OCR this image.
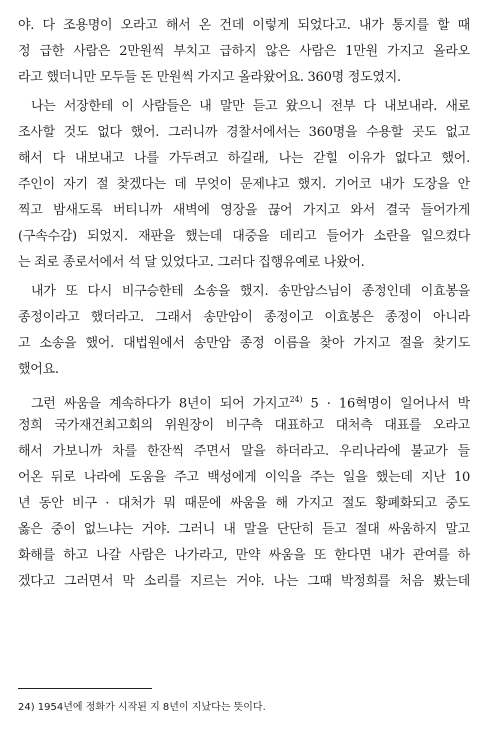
야. 다 조용명이 오라고 해서 온 건데 이렇게 되었다고. 내가 통지를 할 때
정 급한 사람은 2만원씩 부치고 급하지 않은 사람은 1만원 가지고 올라오
라고 했더니만 모두들 돈 만원씩 가지고 올라왔어요. 360명 정도였지.
나는 서장한테 이 사람들은 내 말만 듣고 왔으니 전부 다 내보내라. 새로
조사할 것도 없다 했어. 그러니까 경찰서에서는 360명을 수용할 곳도 없고
해서 다 내보내고 나를 가두려고 하길래, 나는 갇힐 이유가 없다고 했어.
주인이 자기 절 찾겠다는 데 무엇이 문제냐고 했지. 기어코 내가 도장을 안
찍고 밤새도록 버티니까 새벽에 영장을 끊어 가지고 와서 결국 들어가게
(구속수감) 되었지. 재판을 했는데 대중을 데리고 들어가 소란을 일으켰다
는 죄로 종로서에서 석 달 있었다고. 그러다 집행유예로 나왔어.
내가 또 다시 비구승한테 소송을 했지. 송만암스님이 종정인데 이효봉을
종정이라고 했더라고. 그래서 송만암이 종정이고 이효봉은 종정이 아니라
고 소송을 했어. 대법원에서 송만암 종정 이름을 찾아 가지고 절을 찾기도
했어요.
그런 싸움을 계속하다가 8년이 되어 가지고$^{24)}$ 5 · 16혁명이 일어나서 박
정희 국가재건최고회의 위원장이 비구측 대표하고 대처측 대표를 오라고
해서 가보니까 차를 한잔씩 주면서 말을 하더라고. 우리나라에 불교가 들
어온 뒤로 나라에 도움을 주고 백성에게 이익을 주는 일을 했는데 지난 10
년 동안 비구 · 대처가 뭐 때문에 싸움을 해 가지고 절도 황폐화되고 중도
옳은 중이 없느냐는 거야. 그러니 내 말을 단단히 듣고 절대 싸움하지 말고
화해를 하고 나갈 사람은 나가라고, 만약 싸움을 또 한다면 내가 관여를 하
겠다고 그러면서 막 소리를 지르는 거야. 나는 그때 박정희를 처음 봤는데
24) 1954년에 정화가 시작된 지 8년이 지났다는 뜻이다.
